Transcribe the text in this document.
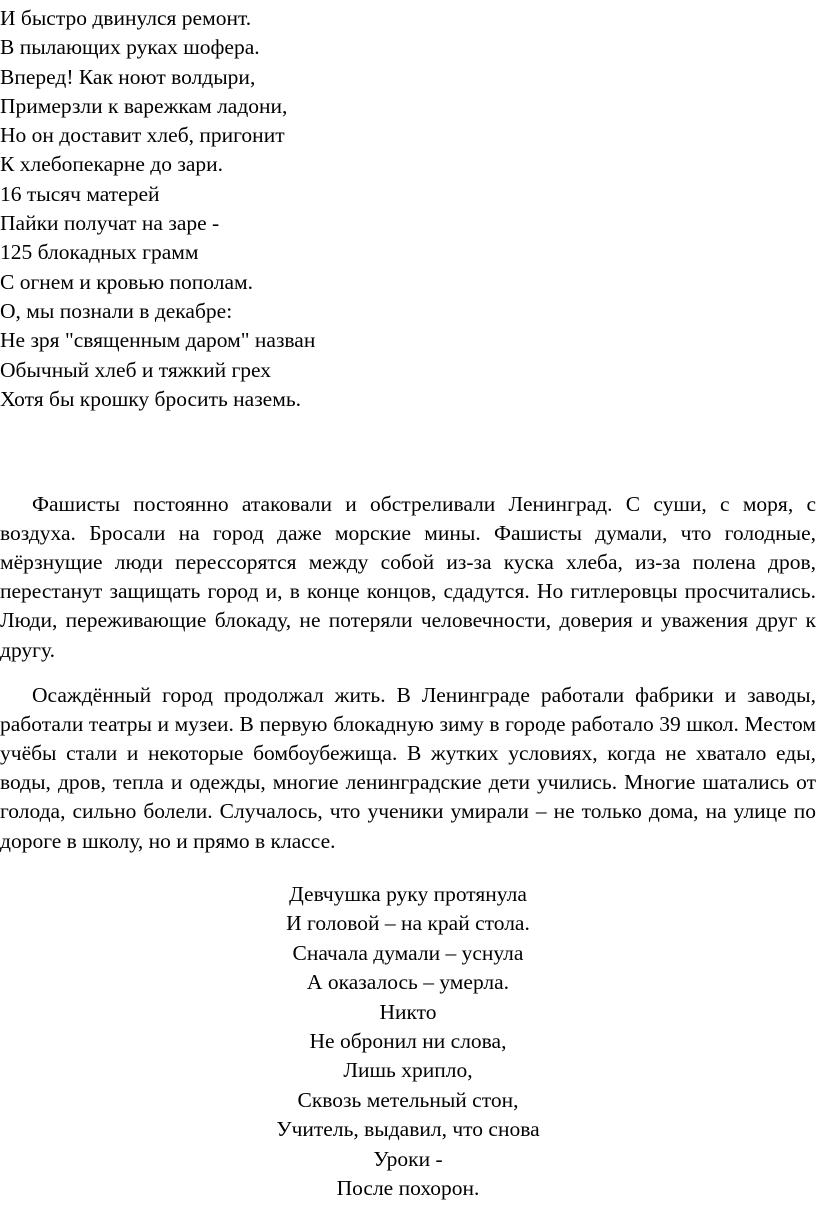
И быстро двинулся ремонт.
В пылающих руках шофера.
Вперед! Как ноют волдыри,
Примерзли к варежкам ладони,
Но он доставит хлеб, пригонит
К хлебопекарне до зари.
16 тысяч матерей
Пайки получат на заре -
125 блокадных грамм
С огнем и кровью пополам.
О, мы познали в декабре:
Не зря "священным даром" назван
Обычный хлеб и тяжкий грех
Хотя бы крошку бросить наземь.

Фашисты постоянно атаковали и обстреливали Ленинград. С суши, с моря, с воздуха. Бросали на город даже морские мины. Фашисты думали, что голодные, мёрзнущие люди перессорятся между собой из-за куска хлеба, из-за полена дров, перестанут защищать город и, в конце концов, сдадутся. Но гитлеровцы просчитались. Люди, переживающие блокаду, не потеряли человечности, доверия и уважения друг к другу.

Осаждённый город продолжал жить. В Ленинграде работали фабрики и заводы, работали театры и музеи. В первую блокадную зиму в городе работало 39 школ. Местом учёбы стали и некоторые бомбоубежища. В жутких условиях, когда не хватало еды, воды, дров, тепла и одежды, многие ленинградские дети учились. Многие шатались от голода, сильно болели. Случалось, что ученики умирали – не только дома, на улице по дороге в школу, но и прямо в классе.

Девчушка руку протянула
И головой – на край стола.
Сначала думали – уснула
А оказалось – умерла.
Никто
Не обронил ни слова,
Лишь хрипло,
Сквозь метельный стон,
Учитель, выдавил, что снова
Уроки -
После похорон.
